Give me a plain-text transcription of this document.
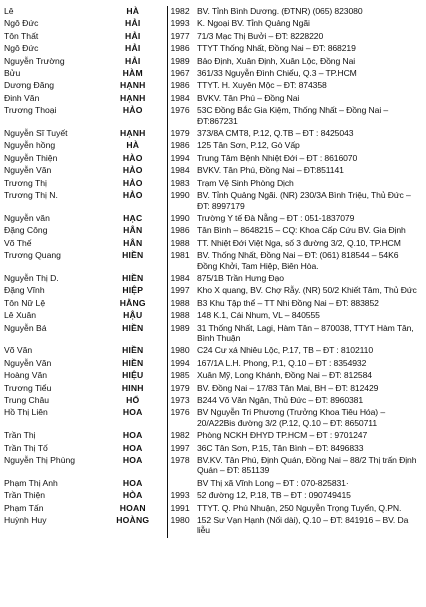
Lê	HÀ	1982	BV. Tỉnh Bình Dương. (ĐTNR) (065) 823080
Ngô Đức	HẢI	1993	K. Ngoại BV. Tỉnh Quảng Ngãi
Tôn Thất	HẢI	1977	71/3 Mạc Thị Bưởi – ĐT: 8228220
Ngô Đức	HẢI	1986	TTYT Thống Nhất, Đồng Nai – ĐT: 868219
Nguyễn Trường	HẢI	1989	Bảo Định, Xuân Định, Xuân Lộc, Đồng Nai
Bửu	HÀM	1967	361/33 Nguyễn Đình Chiểu, Q.3 – TP.HCM
Dương Đăng	HẠNH	1986	TTYT. H. Xuyên Mộc – ĐT: 874358
Đinh Văn	HẠNH	1984	BVKV. Tân Phú – Đồng Nai
Trương Thoại	HẢO	1976	53C Đồng Bắc Gia Kiệm, Thống Nhất – Đồng Nai – ĐT:867231
Nguyễn Sĩ Tuyết	HẠNH	1979	373/8A CMT8, P.12, Q.TB – ĐT : 8425043
Nguyễn hồng	HÀ	1986	125 Tân Sơn, P.12, Gò Vấp
Nguyễn Thiện	HÀO	1994	Trung Tâm Bệnh Nhiệt Đới – ĐT : 8616070
Nguyễn Văn	HẢO	1984	BVKV. Tân Phú, Đồng Nai – ĐT:851141
Trương Thị	HẢO	1983	Trạm Vệ Sinh Phòng Dịch
Trương Thị N.	HẢO	1990	BV. Tỉnh Quảng Ngãi. (NR) 230/3A Bình Triệu, Thủ Đức – ĐT: 8997179
Nguyễn văn	HẠC	1990	Trường Y tế Đà Nẵng – ĐT : 051-1837079
Đặng Công	HÂN	1986	Tân Bình – 8648215 – CQ: Khoa Cấp Cứu BV. Gia Định
Võ Thế	HÂN	1988	TT. Nhiệt Đới Việt Nga, số 3 đường 3/2, Q.10, TP.HCM
Trương Quang	HIỀN	1981	BV. Thống Nhất, Đồng Nai – ĐT: (061) 818544 – 54K6 Đồng Khởi, Tam Hiệp, Biên Hòa.
Nguyễn Thị D.	HIỀN	1984	875/1B Trần Hưng Đạo
Đặng Vĩnh	HIỆP	1997	Kho X quang, BV. Chợ Rẫy. (NR) 50/2 Khiết Tâm, Thủ Đức
Tôn Nữ Lệ	HẰNG	1988	B3 Khu Tập thể – TT Nhi Đồng Nai – ĐT: 883852
Lê Xuân	HẬU	1988	148 K.1, Cái Nhum, VL – 840555
Nguyễn Bá	HIỀN	1989	31 Thống Nhất, Lagi, Hàm Tân – 870038, TTYT Hàm Tân, Bình Thuận
Võ Văn	HIỀN	1980	C24 Cư xá Nhiêu Lộc, P.17, TB – ĐT : 8102110
Nguyễn Văn	HIỀN	1994	167/1A L.H. Phong, P.1, Q.10 – ĐT : 8354932
Hoàng Văn	HIỆU	1985	Xuân Mỹ, Long Khánh, Đồng Nai – ĐT: 812584
Trương Tiểu	HINH	1979	BV. Đồng Nai – 17/83 Tân Mai, BH – ĐT: 812429
Trung Châu	HỔ	1973	B244 Võ Văn Ngân, Thủ Đức – ĐT: 8960381
Hồ Thị Liên	HOA	1976	BV Nguyễn Tri Phương (Trưởng Khoa Tiêu Hóa) – 20/A22Bis đường 3/2 (P.12, Q.10 – ĐT: 8650711
Trần Thị	HOA	1982	Phòng NCKH ĐHYD TP.HCM – ĐT : 9701247
Trần Thị Tố	HOA	1997	36C Tân Sơn, P.15, Tân Bình – ĐT: 8496833
Nguyễn Thị Phùng	HOA	1978	BV.KV. Tân Phú, Định Quán, Đồng Nai – 88/2 Thị trấn Định Quán – ĐT: 851139
Phạm Thị Anh	HOA		BV Thị xã Vĩnh Long – ĐT : 070-825831·
Trần Thiện	HÒA	1993	52 đường 12, P.18, TB – ĐT : 090749415
Phạm Tấn	HOAN	1991	TTYT. Q. Phú Nhuận, 250 Nguyễn Trọng Tuyển, Q.PN.
Huỳnh Huy	HOÀNG	1980	152 Sư Vạn Hạnh (Nối dài), Q.10 – ĐT: 841916 – BV. Da liễu
